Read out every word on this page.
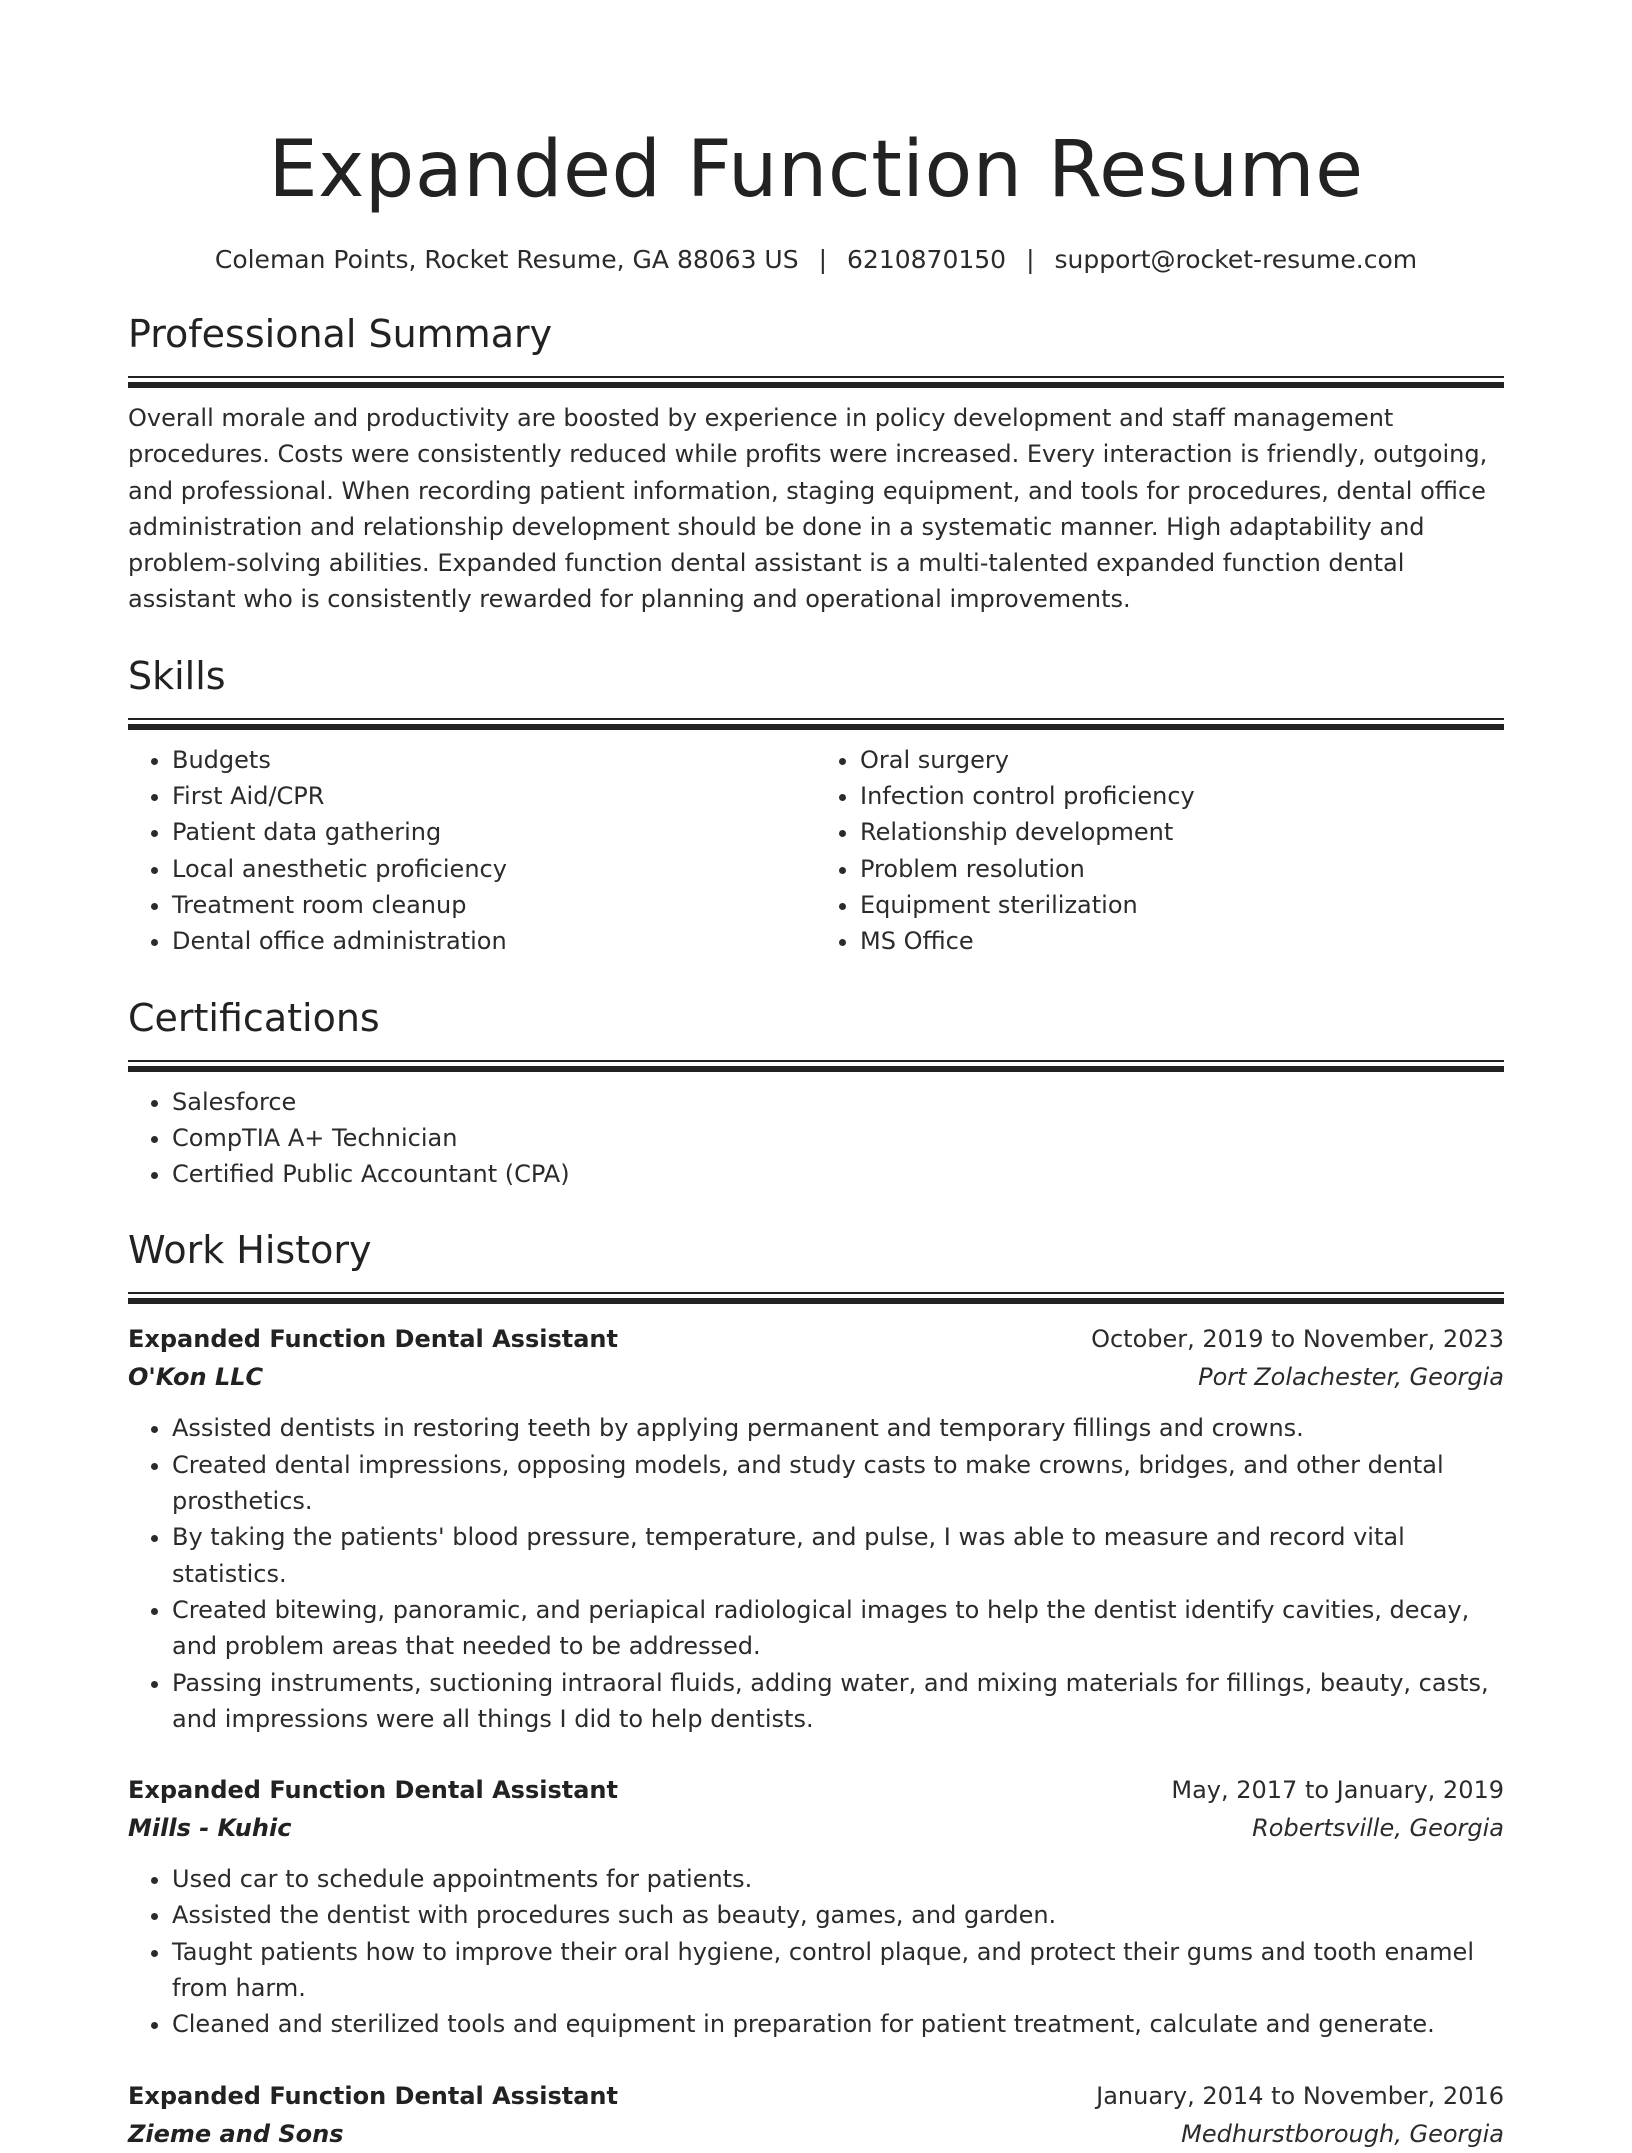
Expanded Function Resume
Coleman Points, Rocket Resume, GA 88063 US | 6210870150 | support@rocket-resume.com
Professional Summary

Overall morale and productivity are boosted by experience in policy development and staff management procedures. Costs were consistently reduced while profits were increased. Every interaction is friendly, outgoing, and professional. When recording patient information, staging equipment, and tools for procedures, dental office administration and relationship development should be done in a systematic manner. High adaptability and problem-solving abilities. Expanded function dental assistant is a multi-talented expanded function dental assistant who is consistently rewarded for planning and operational improvements.

Skills
• Budgets
• First Aid/CPR
• Patient data gathering
• Local anesthetic proficiency
• Treatment room cleanup
• Dental office administration
• Oral surgery
• Infection control proficiency
• Relationship development
• Problem resolution
• Equipment sterilization
• MS Office
Certifications
• Salesforce
• CompTIA A+ Technician
• Certified Public Accountant (CPA)
Work History
Expanded Function Dental Assistant	October, 2019 to November, 2023
O'Kon LLC	Port Zolachester, Georgia
• Assisted dentists in restoring teeth by applying permanent and temporary fillings and crowns.
• Created dental impressions, opposing models, and study casts to make crowns, bridges, and other dental prosthetics.
• By taking the patients' blood pressure, temperature, and pulse, I was able to measure and record vital statistics.
• Created bitewing, panoramic, and periapical radiological images to help the dentist identify cavities, decay, and problem areas that needed to be addressed.
• Passing instruments, suctioning intraoral fluids, adding water, and mixing materials for fillings, beauty, casts, and impressions were all things I did to help dentists.
Expanded Function Dental Assistant	May, 2017 to January, 2019
Mills - Kuhic	Robertsville, Georgia
• Used car to schedule appointments for patients.
• Assisted the dentist with procedures such as beauty, games, and garden.
• Taught patients how to improve their oral hygiene, control plaque, and protect their gums and tooth enamel from harm.
• Cleaned and sterilized tools and equipment in preparation for patient treatment, calculate and generate.
Expanded Function Dental Assistant	January, 2014 to November, 2016
Zieme and Sons	Medhurstborough, Georgia
